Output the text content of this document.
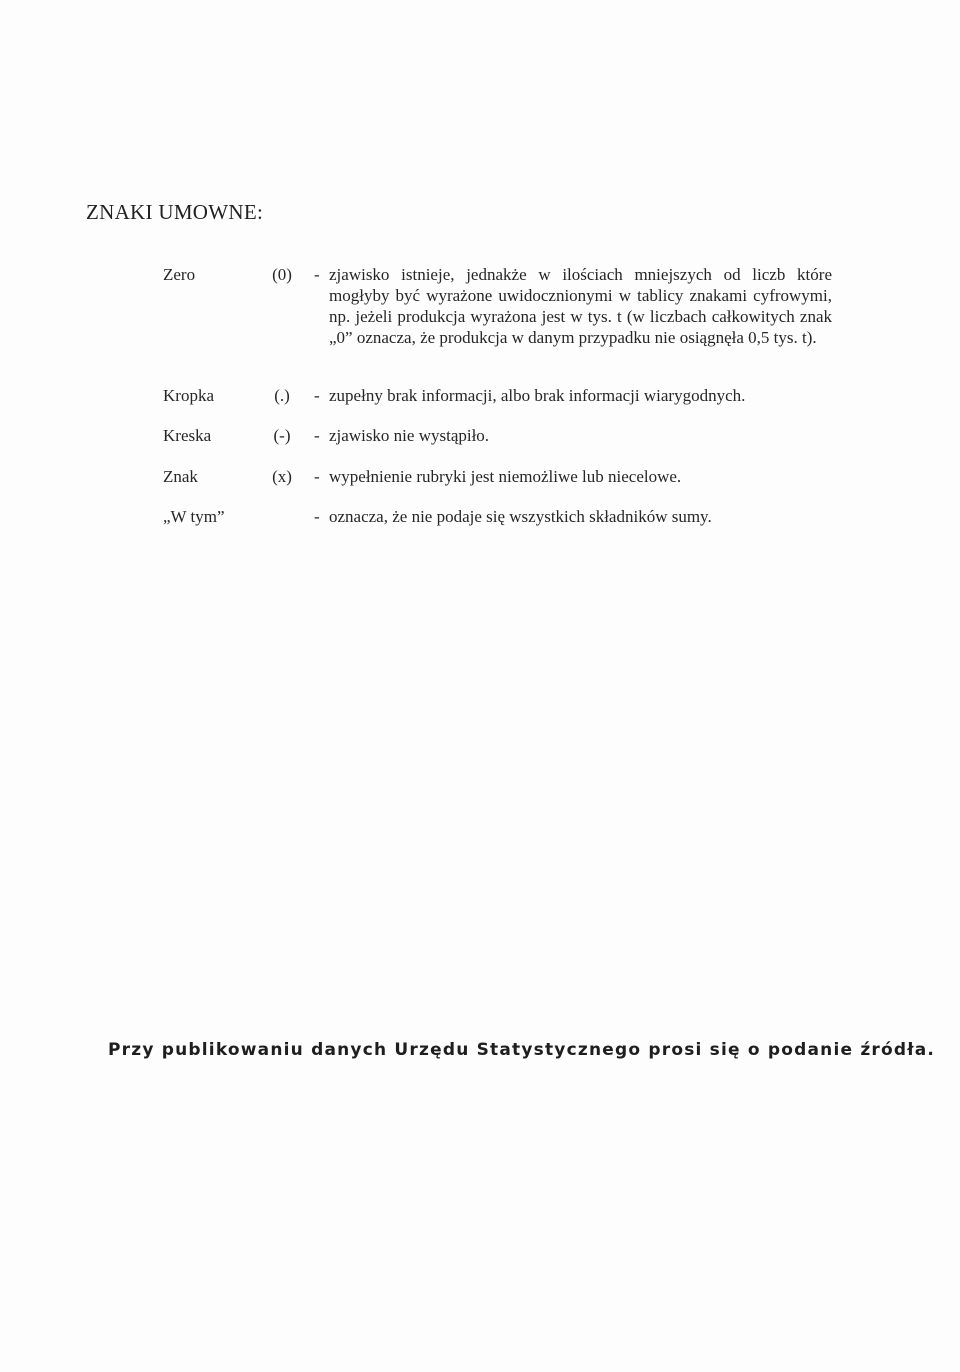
ZNAKI UMOWNE:
Zero	(0)	- zjawisko istnieje, jednakże w ilościach mniejszych od liczb które mogłyby być wyrażone uwidocznionymi w tablicy znakami cyfrowymi, np. jeżeli produkcja wyrażona jest w tys. t (w liczbach całkowitych znak „0” oznacza, że produkcja w danym przypadku nie osiągnęła 0,5 tys. t).
Kropka	(.)	- zupełny brak informacji, albo brak informacji wiarygodnych.
Kreska	(-)	- zjawisko nie wystąpiło.
Znak	(x)	- wypełnienie rubryki jest niemożliwe lub niecelowe.
„W tym”	- oznacza, że nie podaje się wszystkich składników sumy.
Przy publikowaniu danych Urzędu Statystycznego prosi się o podanie źródła.
